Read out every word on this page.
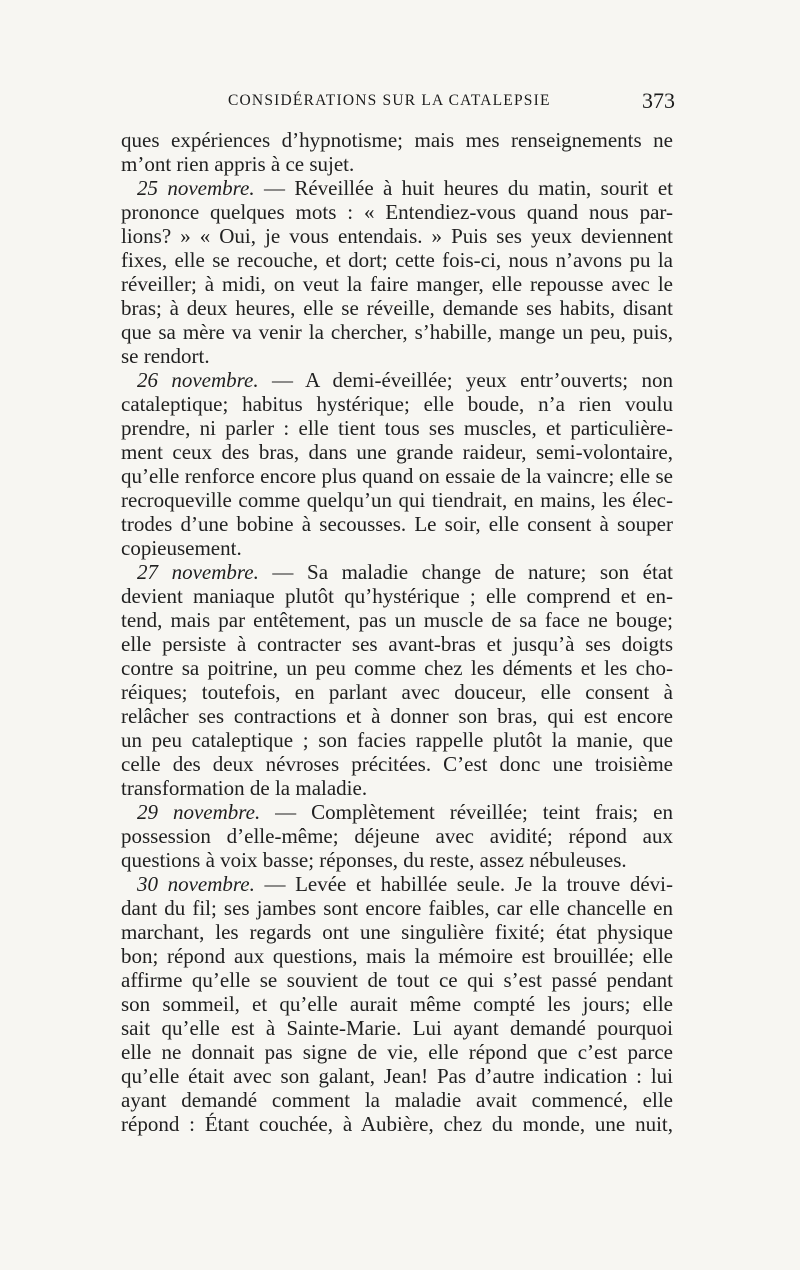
CONSIDÉRATIONS SUR LA CATALEPSIE	373
ques expériences d’hypnotisme; mais mes renseignements ne
m’ont rien appris à ce sujet.
25 novembre. — Réveillée à huit heures du matin, sourit et
prononce quelques mots : « Entendiez-vous quand nous par-
lions? » « Oui, je vous entendais. » Puis ses yeux deviennent
fixes, elle se recouche, et dort; cette fois-ci, nous n’avons pu la
réveiller; à midi, on veut la faire manger, elle repousse avec le
bras; à deux heures, elle se réveille, demande ses habits, disant
que sa mère va venir la chercher, s’habille, mange un peu, puis,
se rendort.
26 novembre. — A demi-éveillée; yeux entr’ouverts; non
cataleptique; habitus hystérique; elle boude, n’a rien voulu
prendre, ni parler : elle tient tous ses muscles, et particulière-
ment ceux des bras, dans une grande raideur, semi-volontaire,
qu’elle renforce encore plus quand on essaie de la vaincre; elle se
recroqueville comme quelqu’un qui tiendrait, en mains, les élec-
trodes d’une bobine à secousses. Le soir, elle consent à souper
copieusement.
27 novembre. — Sa maladie change de nature; son état
devient maniaque plutôt qu’hystérique ; elle comprend et en-
tend, mais par entêtement, pas un muscle de sa face ne bouge;
elle persiste à contracter ses avant-bras et jusqu’à ses doigts
contre sa poitrine, un peu comme chez les déments et les cho-
réiques; toutefois, en parlant avec douceur, elle consent à
relâcher ses contractions et à donner son bras, qui est encore
un peu cataleptique ; son facies rappelle plutôt la manie, que
celle des deux névroses précitées. C’est donc une troisième
transformation de la maladie.
29 novembre. — Complètement réveillée; teint frais; en
possession d’elle-même; déjeune avec avidité; répond aux
questions à voix basse; réponses, du reste, assez nébuleuses.
30 novembre. — Levée et habillée seule. Je la trouve dévi-
dant du fil; ses jambes sont encore faibles, car elle chancelle en
marchant, les regards ont une singulière fixité; état physique
bon; répond aux questions, mais la mémoire est brouillée; elle
affirme qu’elle se souvient de tout ce qui s’est passé pendant
son sommeil, et qu’elle aurait même compté les jours; elle
sait qu’elle est à Sainte-Marie. Lui ayant demandé pourquoi
elle ne donnait pas signe de vie, elle répond que c’est parce
qu’elle était avec son galant, Jean! Pas d’autre indication : lui
ayant demandé comment la maladie avait commencé, elle
répond : Étant couchée, à Aubière, chez du monde, une nuit,
